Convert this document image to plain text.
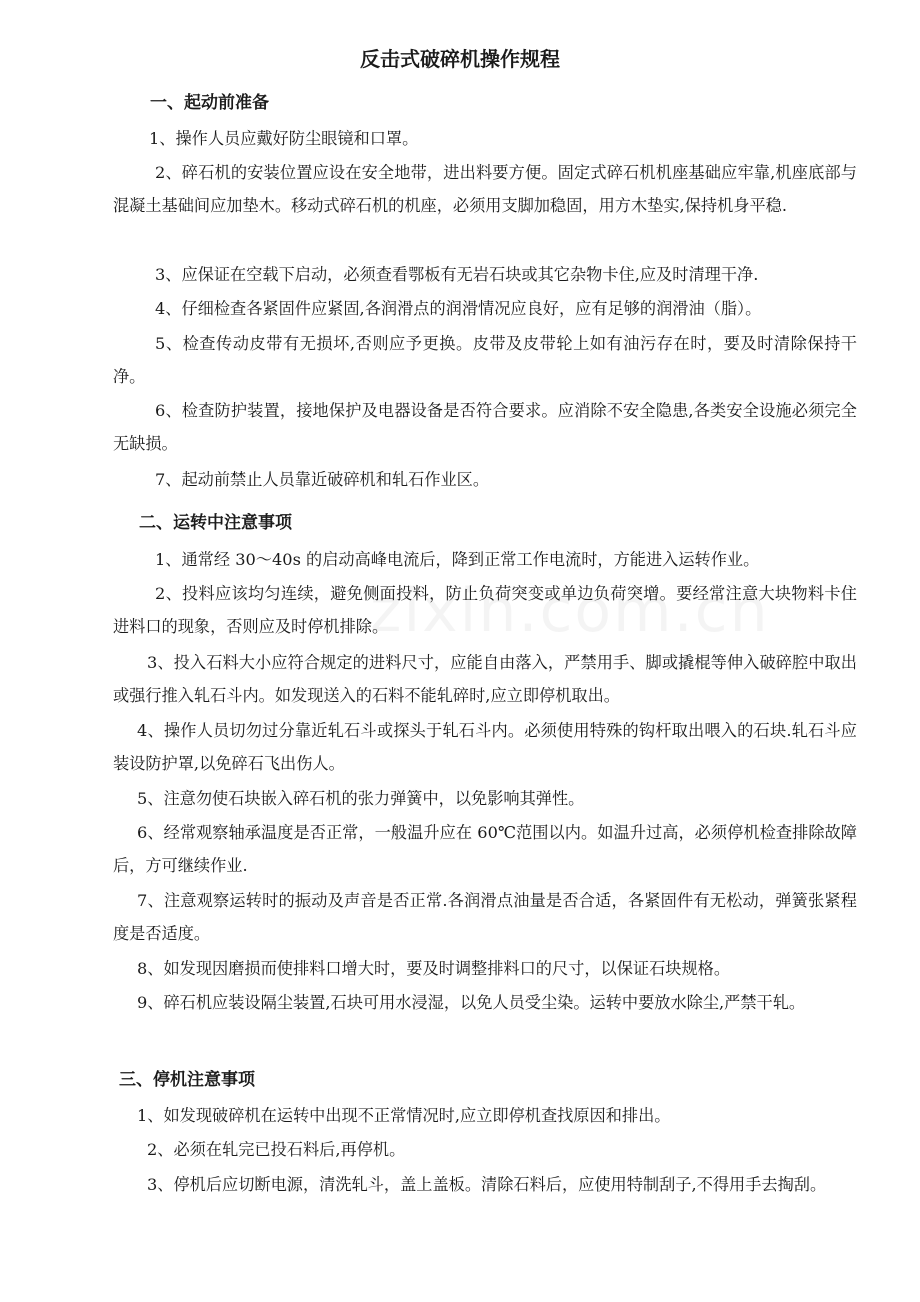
反击式破碎机操作规程
一、起动前准备

1、操作人员应戴好防尘眼镜和口罩。

2、碎石机的安装位置应设在安全地带，进出料要方便。固定式碎石机机座基础应牢靠,机座底部与混凝土基础间应加垫木。移动式碎石机的机座，必须用支脚加稳固，用方木垫实,保持机身平稳.

3、应保证在空载下启动，必须查看鄂板有无岩石块或其它杂物卡住,应及时清理干净.

4、仔细检查各紧固件应紧固,各润滑点的润滑情况应良好，应有足够的润滑油（脂）。

5、检查传动皮带有无损坏,否则应予更换。皮带及皮带轮上如有油污存在时，要及时清除保持干净。

6、检查防护装置，接地保护及电器设备是否符合要求。应消除不安全隐患,各类安全设施必须完全无缺损。

7、起动前禁止人员靠近破碎机和轧石作业区。

二、运转中注意事项

1、通常经 30～40s 的启动高峰电流后，降到正常工作电流时，方能进入运转作业。

2、投料应该均匀连续，避免侧面投料，防止负荷突变或单边负荷突增。要经常注意大块物料卡住进料口的现象，否则应及时停机排除。

3、投入石料大小应符合规定的进料尺寸，应能自由落入，严禁用手、脚或撬棍等伸入破碎腔中取出或强行推入轧石斗内。如发现送入的石料不能轧碎时,应立即停机取出。

4、操作人员切勿过分靠近轧石斗或探头于轧石斗内。必须使用特殊的钩杆取出喂入的石块.轧石斗应装设防护罩,以免碎石飞出伤人。

5、注意勿使石块嵌入碎石机的张力弹簧中，以免影响其弹性。

6、经常观察轴承温度是否正常，一般温升应在 60℃范围以内。如温升过高，必须停机检查排除故障后，方可继续作业.

7、注意观察运转时的振动及声音是否正常.各润滑点油量是否合适，各紧固件有无松动，弹簧张紧程度是否适度。

8、如发现因磨损而使排料口增大时，要及时调整排料口的尺寸，以保证石块规格。

9、碎石机应装设隔尘装置,石块可用水浸湿，以免人员受尘染。运转中要放水除尘,严禁干轧。

三、停机注意事项

1、如发现破碎机在运转中出现不正常情况时,应立即停机查找原因和排出。

2、必须在轧完已投石料后,再停机。

3、停机后应切断电源，清洗轧斗，盖上盖板。清除石料后，应使用特制刮子,不得用手去掏刮。
